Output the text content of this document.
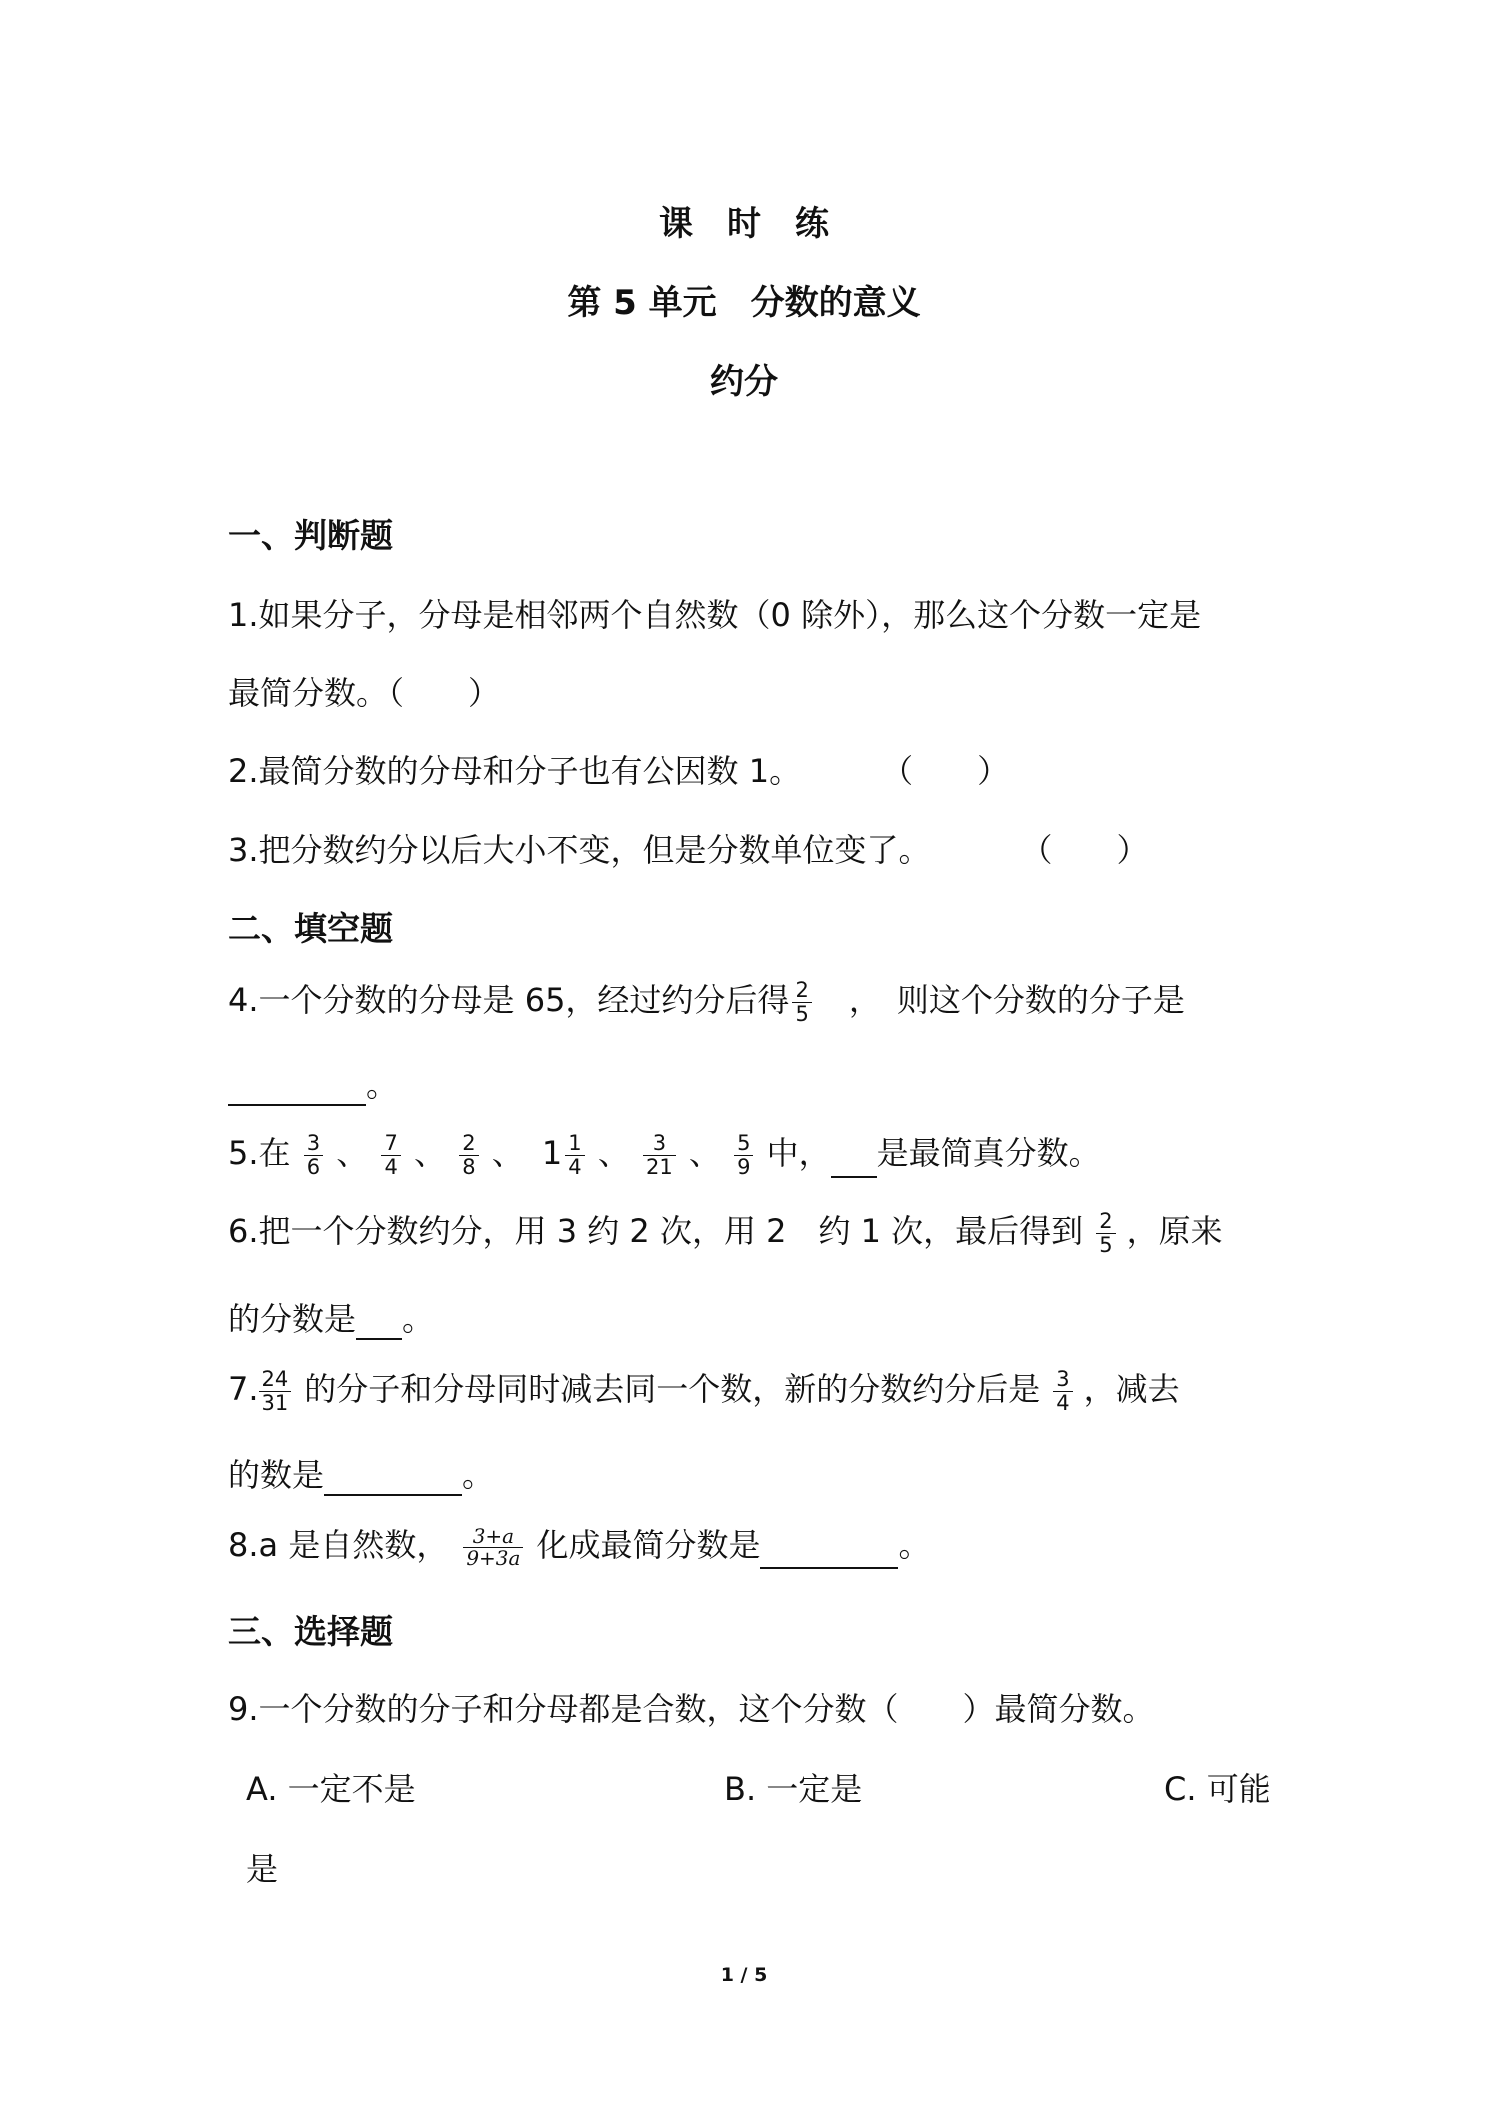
课　时　练
第 5 单元　分数的意义
约分
一、判断题
1.如果分子，分母是相邻两个自然数（0 除外），那么这个分数一定是
最简分数。（　　）
2.最简分数的分母和分子也有公因数 1。	（　　）
3.把分数约分以后大小不变，但是分数单位变了。	（　　）
二、填空题
4.一个分数的分母是 65，经过约分后得 $\frac{2}{5}$ ，　则这个分数的分子是
。
5.在 $\frac{3}{6}$ 、 $\frac{7}{4}$ 、 $\frac{2}{8}$ 、 $1 \frac{1}{4}$ 、 $\frac{3}{21}$ 、 $\frac{5}{9}$ 中， 是最简真分数。
6.把一个分数约分，用 3 约 2 次，用 2　约 1 次，最后得到 $\frac{2}{5}$ ，原来
的分数是 。
7. $\frac{24}{31}$ 的分子和分母同时减去同一个数，新的分数约分后是 $\frac{3}{4}$ ，减去
的数是	。
8.a 是自然数， $\frac{3+a}{9+3a}$ 化成最简分数是	。
三、选择题
9.一个分数的分子和分母都是合数，这个分数（　　）最简分数。
A. 一定不是	B. 一定是	C. 可能
是
1 / 5
